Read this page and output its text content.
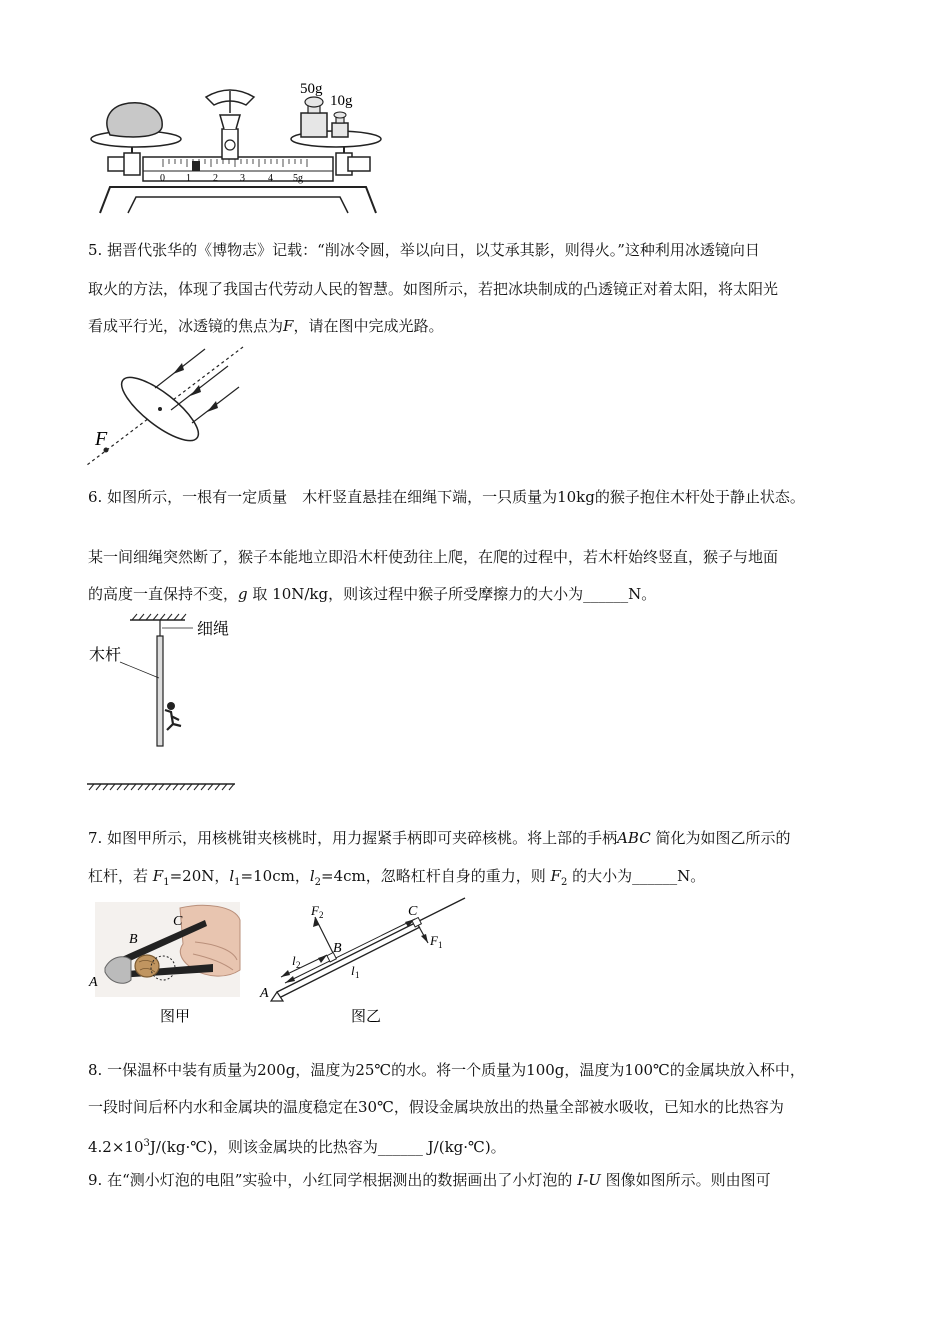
0 1 2 3 4 5g
50g
10g
5. 据晋代张华的《博物志》记载：“削冰令圆，举以向日，以艾承其影，则得火。”这种利用冰透镜向日
取火的方法，体现了我国古代劳动人民的智慧。如图所示，若把冰块制成的凸透镜正对着太阳，将太阳光
看成平行光，冰透镜的焦点为F，请在图中完成光路。
F
6. 如图所示，一根有一定质量　木杆竖直悬挂在细绳下端，一只质量为10kg的猴子抱住木杆处于静止状态。
某一间细绳突然断了，猴子本能地立即沿木杆使劲往上爬，在爬的过程中，若木杆始终竖直，猴子与地面
的高度一直保持不变，g 取 10N/kg，则该过程中猴子所受摩擦力的大小为______N。
细绳
木杆
7. 如图甲所示，用核桃钳夹核桃时，用力握紧手柄即可夹碎核桃。将上部的手柄ABC 简化为如图乙所示的
杠杆，若 $F_1=20N$，$l_1=10cm$，$l_2=4cm$，忽略杠杆自身的重力，则 $F_2$ 的大小为______N。
C
B
A
图甲
F 2
B
C
F 1
l 2	l 1
A
图乙
8. 一保温杯中装有质量为200g，温度为25℃的水。将一个质量为100g，温度为100℃的金属块放入杯中，
一段时间后杯内水和金属块的温度稳定在30℃，假设金属块放出的热量全部被水吸收，已知水的比热容为
$4.2\times 10^3J/(kg\cdot℃)$，则该金属块的比热容为______ J/(kg·℃)。
9. 在“测小灯泡的电阻”实验中，小红同学根据测出的数据画出了小灯泡的 I-U 图像如图所示。则由图可
